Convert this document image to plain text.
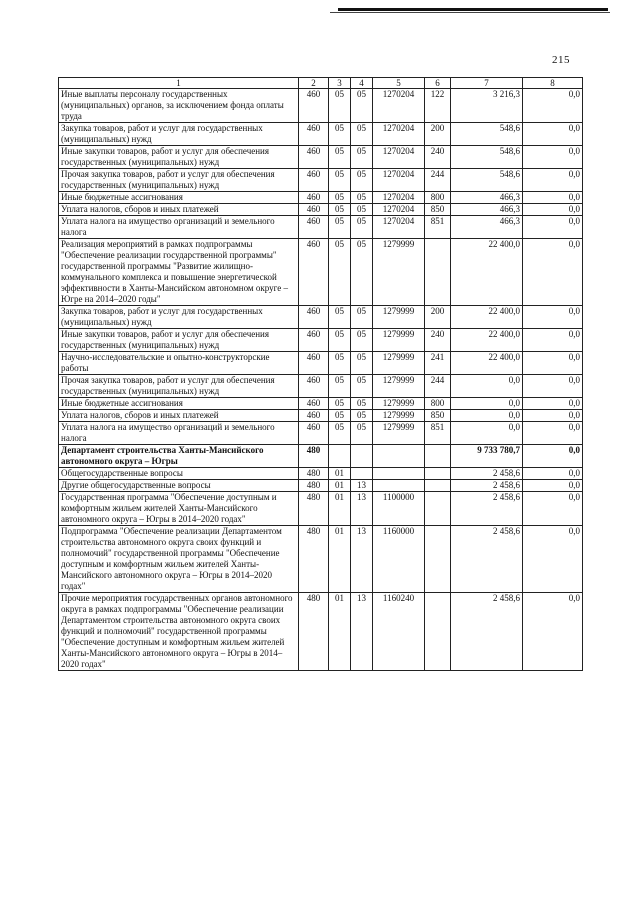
215
1	2	3	4	5	6	7	8
Иные выплаты персоналу государственных (муниципальных) органов, за исключением фонда оплаты труда	460	05	05	1270204	122	3 216,3	0,0
Закупка товаров, работ и услуг для государственных (муниципальных) нужд	460	05	05	1270204	200	548,6	0,0
Иные закупки товаров, работ и услуг для обеспечения государственных (муниципальных) нужд	460	05	05	1270204	240	548,6	0,0
Прочая закупка товаров, работ и услуг для обеспечения государственных (муниципальных) нужд	460	05	05	1270204	244	548,6	0,0
Иные бюджетные ассигнования	460	05	05	1270204	800	466,3	0,0
Уплата налогов, сборов и иных платежей	460	05	05	1270204	850	466,3	0,0
Уплата налога на имущество организаций и земельного налога	460	05	05	1270204	851	466,3	0,0
Реализация мероприятий в рамках подпрограммы "Обеспечение реализации государственной программы" государственной программы "Развитие жилищно-коммунального комплекса и повышение энергетической эффективности в Ханты-Мансийском автономном округе – Югре на 2014–2020 годы"	460	05	05	1279999		22 400,0	0,0
Закупка товаров, работ и услуг для государственных (муниципальных) нужд	460	05	05	1279999	200	22 400,0	0,0
Иные закупки товаров, работ и услуг для обеспечения государственных (муниципальных) нужд	460	05	05	1279999	240	22 400,0	0,0
Научно-исследовательские и опытно-конструкторские работы	460	05	05	1279999	241	22 400,0	0,0
Прочая закупка товаров, работ и услуг для обеспечения государственных (муниципальных) нужд	460	05	05	1279999	244	0,0	0,0
Иные бюджетные ассигнования	460	05	05	1279999	800	0,0	0,0
Уплата налогов, сборов и иных платежей	460	05	05	1279999	850	0,0	0,0
Уплата налога на имущество организаций и земельного налога	460	05	05	1279999	851	0,0	0,0
Департамент строительства Ханты-Мансийского автономного округа – Югры	480					9 733 780,7	0,0
Общегосударственные вопросы	480	01				2 458,6	0,0
Другие общегосударственные вопросы	480	01	13			2 458,6	0,0
Государственная программа "Обеспечение доступным и комфортным жильем жителей Ханты-Мансийского автономного округа – Югры в 2014–2020 годах"	480	01	13	1100000		2 458,6	0,0
Подпрограмма "Обеспечение реализации Департаментом строительства автономного округа своих функций и полномочий" государственной программы "Обеспечение доступным и комфортным жильем жителей Ханты-Мансийского автономного округа – Югры в 2014–2020 годах"	480	01	13	1160000		2 458,6	0,0
Прочие мероприятия государственных органов автономного округа в рамках подпрограммы "Обеспечение реализации Департаментом строительства автономного округа своих функций и полномочий" государственной программы "Обеспечение доступным и комфортным жильем жителей Ханты-Мансийского автономного округа – Югры в 2014–2020 годах"	480	01	13	1160240		2 458,6	0,0
